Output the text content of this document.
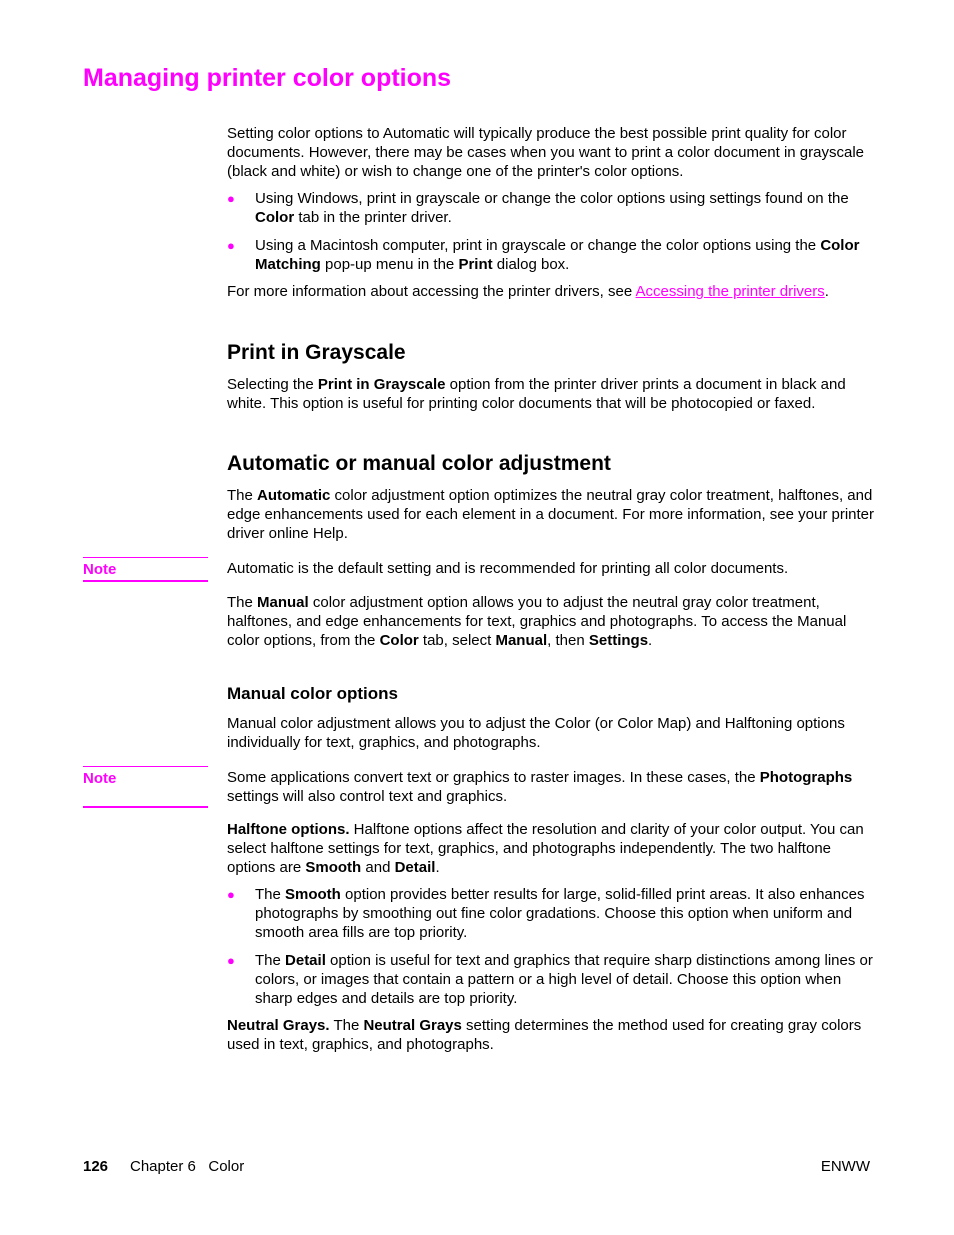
Managing printer color options

Setting color options to Automatic will typically produce the best possible print quality for color documents. However, there may be cases when you want to print a color document in grayscale (black and white) or wish to change one of the printer's color options.

● Using Windows, print in grayscale or change the color options using settings found on the Color tab in the printer driver.
● Using a Macintosh computer, print in grayscale or change the color options using the Color Matching pop-up menu in the Print dialog box.

For more information about accessing the printer drivers, see Accessing the printer drivers.

Print in Grayscale

Selecting the Print in Grayscale option from the printer driver prints a document in black and white. This option is useful for printing color documents that will be photocopied or faxed.

Automatic or manual color adjustment

The Automatic color adjustment option optimizes the neutral gray color treatment, halftones, and edge enhancements used for each element in a document. For more information, see your printer driver online Help.

Note	Automatic is the default setting and is recommended for printing all color documents.

The Manual color adjustment option allows you to adjust the neutral gray color treatment, halftones, and edge enhancements for text, graphics and photographs. To access the Manual color options, from the Color tab, select Manual, then Settings.

Manual color options

Manual color adjustment allows you to adjust the Color (or Color Map) and Halftoning options individually for text, graphics, and photographs.

Note	Some applications convert text or graphics to raster images. In these cases, the Photographs settings will also control text and graphics.

Halftone options. Halftone options affect the resolution and clarity of your color output. You can select halftone settings for text, graphics, and photographs independently. The two halftone options are Smooth and Detail.

● The Smooth option provides better results for large, solid-filled print areas. It also enhances photographs by smoothing out fine color gradations. Choose this option when uniform and smooth area fills are top priority.
● The Detail option is useful for text and graphics that require sharp distinctions among lines or colors, or images that contain a pattern or a high level of detail. Choose this option when sharp edges and details are top priority.

Neutral Grays. The Neutral Grays setting determines the method used for creating gray colors used in text, graphics, and photographs.

126 Chapter 6   Color	ENWW
